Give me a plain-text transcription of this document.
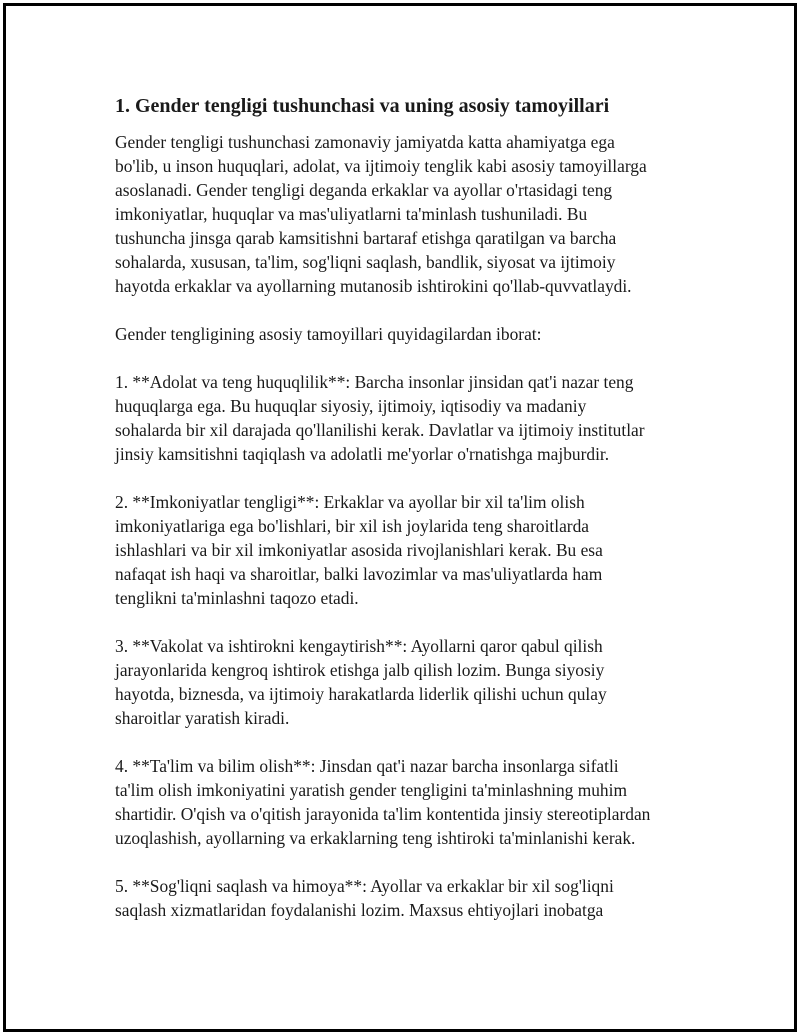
1. Gender tengligi tushunchasi va uning asosiy tamoyillari
Gender tengligi tushunchasi zamonaviy jamiyatda katta ahamiyatga ega
bo'lib, u inson huquqlari, adolat, va ijtimoiy tenglik kabi asosiy tamoyillarga
asoslanadi. Gender tengligi deganda erkaklar va ayollar o'rtasidagi teng
imkoniyatlar, huquqlar va mas'uliyatlarni ta'minlash tushuniladi. Bu
tushuncha jinsga qarab kamsitishni bartaraf etishga qaratilgan va barcha
sohalarda, xususan, ta'lim, sog'liqni saqlash, bandlik, siyosat va ijtimoiy
hayotda erkaklar va ayollarning mutanosib ishtirokini qo'llab-quvvatlaydi.
Gender tengligining asosiy tamoyillari quyidagilardan iborat:
1. **Adolat va teng huquqlilik**: Barcha insonlar jinsidan qat'i nazar teng
huquqlarga ega. Bu huquqlar siyosiy, ijtimoiy, iqtisodiy va madaniy
sohalarda bir xil darajada qo'llanilishi kerak. Davlatlar va ijtimoiy institutlar
jinsiy kamsitishni taqiqlash va adolatli me'yorlar o'rnatishga majburdir.
2. **Imkoniyatlar tengligi**: Erkaklar va ayollar bir xil ta'lim olish
imkoniyatlariga ega bo'lishlari, bir xil ish joylarida teng sharoitlarda
ishlashlari va bir xil imkoniyatlar asosida rivojlanishlari kerak. Bu esa
nafaqat ish haqi va sharoitlar, balki lavozimlar va mas'uliyatlarda ham
tenglikni ta'minlashni taqozo etadi.
3. **Vakolat va ishtirokni kengaytirish**: Ayollarni qaror qabul qilish
jarayonlarida kengroq ishtirok etishga jalb qilish lozim. Bunga siyosiy
hayotda, biznesda, va ijtimoiy harakatlarda liderlik qilishi uchun qulay
sharoitlar yaratish kiradi.
4. **Ta'lim va bilim olish**: Jinsdan qat'i nazar barcha insonlarga sifatli
ta'lim olish imkoniyatini yaratish gender tengligini ta'minlashning muhim
shartidir. O'qish va o'qitish jarayonida ta'lim kontentida jinsiy stereotiplardan
uzoqlashish, ayollarning va erkaklarning teng ishtiroki ta'minlanishi kerak.
5. **Sog'liqni saqlash va himoya**: Ayollar va erkaklar bir xil sog'liqni
saqlash xizmatlaridan foydalanishi lozim. Maxsus ehtiyojlari inobatga
